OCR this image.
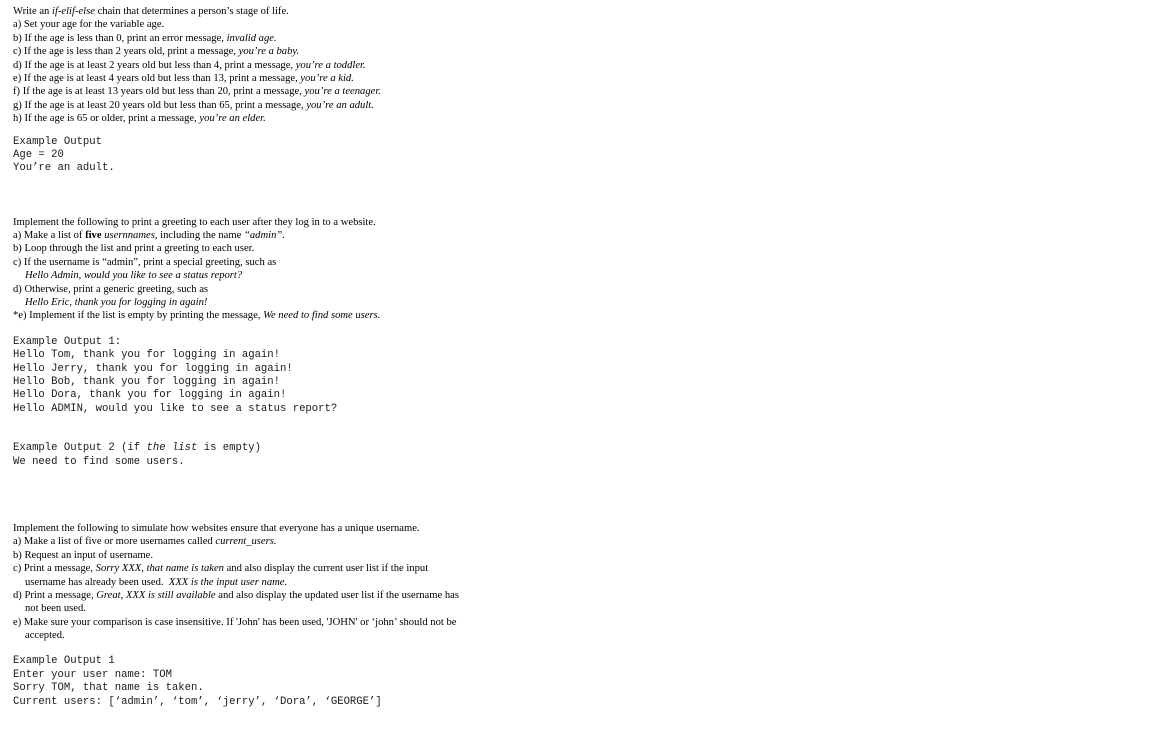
Write an if-elif-else chain that determines a person’s stage of life.
a) Set your age for the variable age.
b) If the age is less than 0, print an error message, invalid age.
c) If the age is less than 2 years old, print a message, you’re a baby.
d) If the age is at least 2 years old but less than 4, print a message, you’re a toddler.
e) If the age is at least 4 years old but less than 13, print a message, you’re a kid.
f) If the age is at least 13 years old but less than 20, print a message, you’re a teenager.
g) If the age is at least 20 years old but less than 65, print a message, you’re an adult.
h) If the age is 65 or older, print a message, you’re an elder.
Example Output
Age = 20
You’re an adult.
Implement the following to print a greeting to each user after they log in to a website.
a) Make a list of five usernnames, including the name “admin”.
b) Loop through the list and print a greeting to each user.
c) If the username is “admin”, print a special greeting, such as
Hello Admin, would you like to see a status report?
d) Otherwise, print a generic greeting, such as
Hello Eric, thank you for logging in again!
*e) Implement if the list is empty by printing the message, We need to find some users.
Example Output 1:
Hello Tom, thank you for logging in again!
Hello Jerry, thank you for logging in again!
Hello Bob, thank you for logging in again!
Hello Dora, thank you for logging in again!
Hello ADMIN, would you like to see a status report?
Example Output 2 (if the list is empty)
We need to find some users.
Implement the following to simulate how websites ensure that everyone has a unique username.
a) Make a list of five or more usernames called current_users.
b) Request an input of username.
c) Print a message, Sorry XXX, that name is taken and also display the current user list if the input
username has already been used.  XXX is the input user name.
d) Print a message, Great, XXX is still available and also display the updated user list if the username has
not been used.
e) Make sure your comparison is case insensitive. If 'John' has been used, 'JOHN' or ‘john’ should not be
accepted.
Example Output 1
Enter your user name: TOM
Sorry TOM, that name is taken.
Current users: [‘admin’, ‘tom’, ‘jerry’, ‘Dora’, ‘GEORGE’]
